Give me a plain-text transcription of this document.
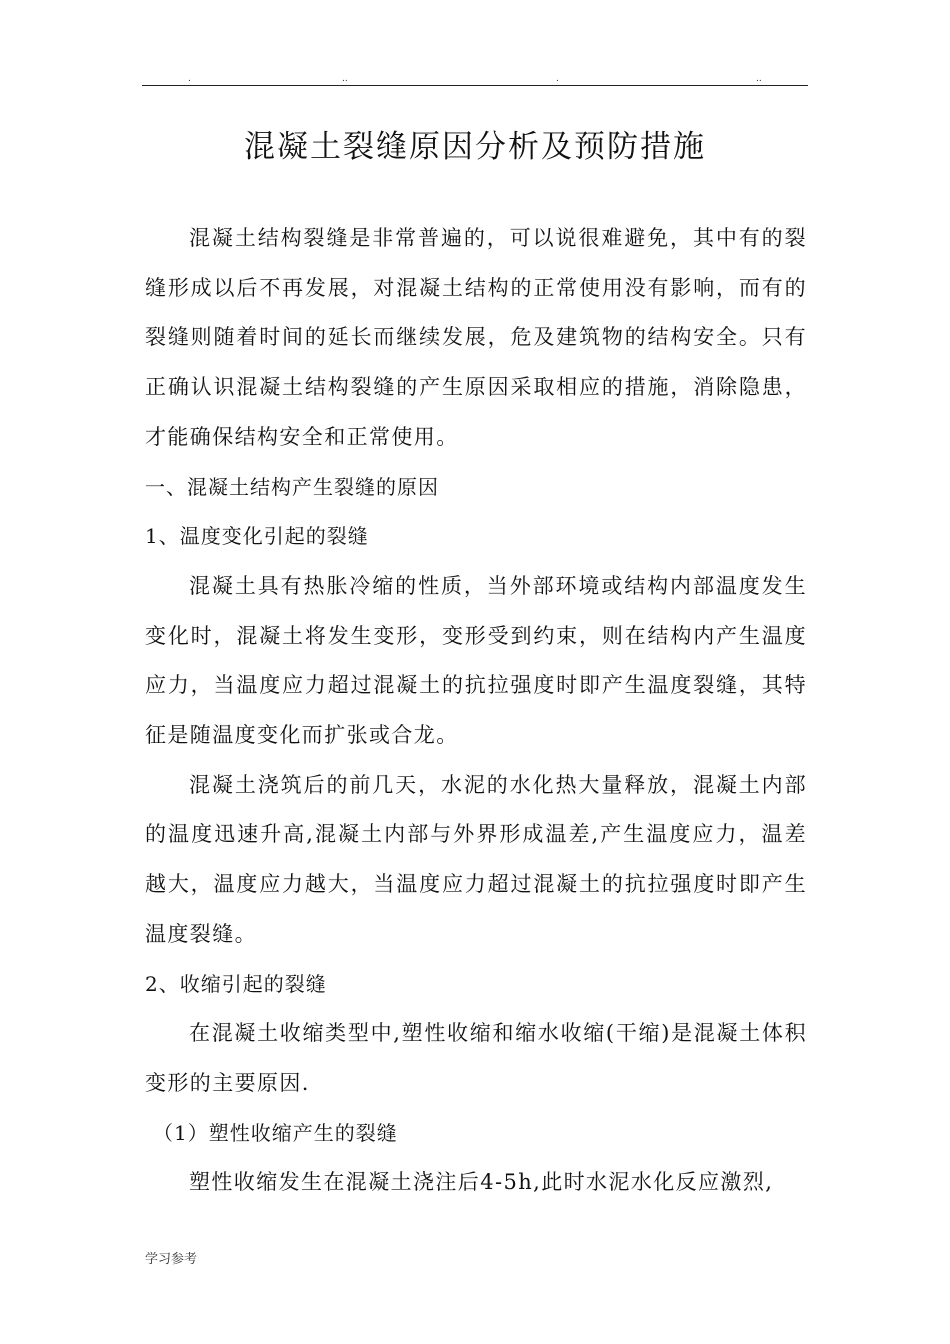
.	..	.	..
混凝土裂缝原因分析及预防措施

混凝土结构裂缝是非常普遍的，可以说很难避免，其中有的裂缝形成以后不再发展，对混凝土结构的正常使用没有影响，而有的裂缝则随着时间的延长而继续发展，危及建筑物的结构安全。只有正确认识混凝土结构裂缝的产生原因采取相应的措施，消除隐患，才能确保结构安全和正常使用。

一、混凝土结构产生裂缝的原因

1、温度变化引起的裂缝

混凝土具有热胀冷缩的性质，当外部环境或结构内部温度发生变化时，混凝土将发生变形，变形受到约束，则在结构内产生温度应力，当温度应力超过混凝土的抗拉强度时即产生温度裂缝，其特征是随温度变化而扩张或合龙。

混凝土浇筑后的前几天，水泥的水化热大量释放，混凝土内部的温度迅速升高,混凝土内部与外界形成温差,产生温度应力，温差越大，温度应力越大，当温度应力超过混凝土的抗拉强度时即产生温度裂缝。

2、收缩引起的裂缝

在混凝土收缩类型中,塑性收缩和缩水收缩(干缩)是混凝土体积变形的主要原因.

（1）塑性收缩产生的裂缝

塑性收缩发生在混凝土浇注后4-5h,此时水泥水化反应激烈,

学习参考
